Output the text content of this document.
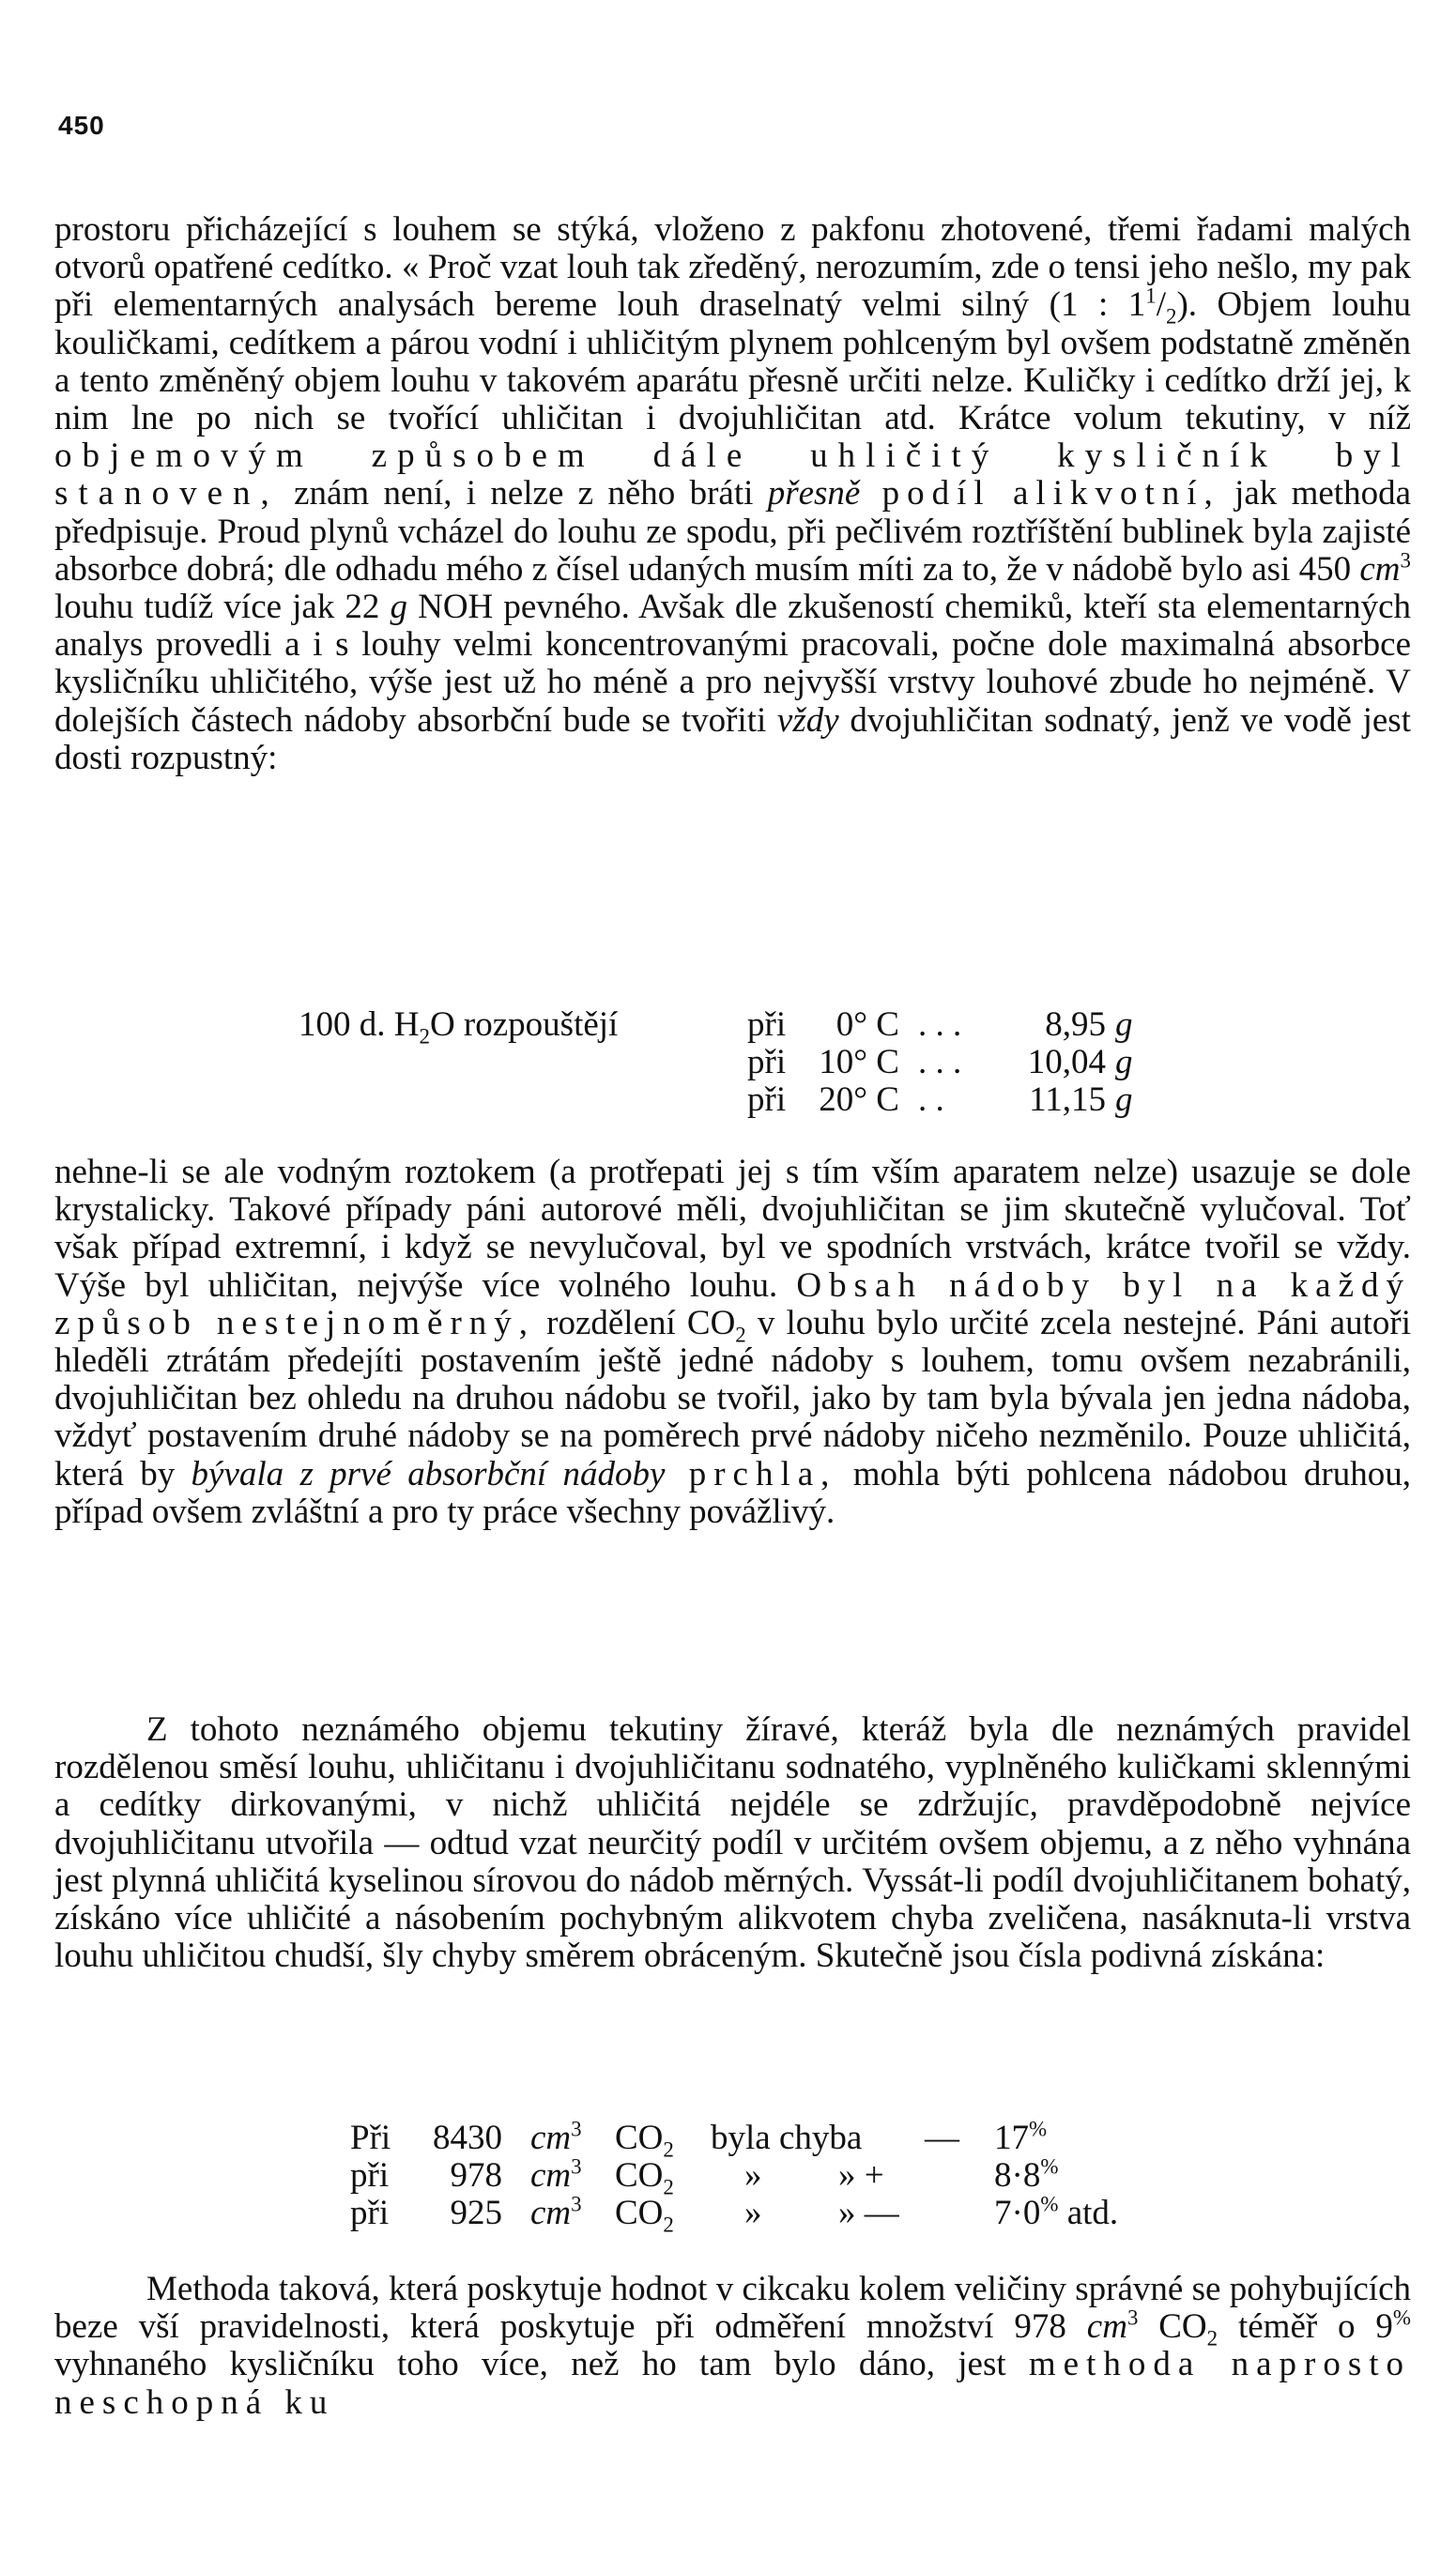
450

prostoru přicházející s louhem se stýká, vloženo z pakfonu zhotovené, třemi řadami malých otvorů opatřené cedítko. « Proč vzat louh tak zředěný, nerozumím, zde o tensi jeho nešlo, my pak při elementarných analysách bereme louh draselnatý velmi silný (1 : $1^1/_2$). Objem louhu kouličkami, cedítkem a párou vodní i uhličitým plynem pohlceným byl ovšem podstatně změněn a tento změněný objem louhu v takovém aparátu přesně určiti nelze. Kuličky i cedítko drží jej, k nim lne po nich se tvořící uhličitan i dvojuhličitan atd. Krátce volum tekutiny, v níž objemovým způsobem dále uhličitý kysličník byl stanoven, znám není, i nelze z něho bráti přesně podíl alikvotní, jak methoda předpisuje. Proud plynů vcházel do louhu ze spodu, při pečlivém roztříštění bublinek byla zajisté absorbce dobrá; dle odhadu mého z čísel udaných musím míti za to, že v nádobě bylo asi 450 $cm^3$ louhu tudíž více jak 22 g NOH pevného. Avšak dle zkušeností chemiků, kteří sta elementarných analys provedli a i s louhy velmi koncentrovanými pracovali, počne dole maximalná absorbce kysličníku uhličitého, výše jest už ho méně a pro nejvyšší vrstvy louhové zbude ho nejméně. V dolejších částech nádoby absorbční bude se tvořiti vždy dvojuhličitan sodnatý, jenž ve vodě jest dosti rozpustný:

100 d. $H_2O$ rozpouštějí	při	0° C . . .	8,95 g
při 10° C . . .	10,04 g
při 20° C . .	11,15 g

nehne-li se ale vodným roztokem (a protřepati jej s tím vším aparatem nelze) usazuje se dole krystalicky. Takové případy páni autorové měli, dvojuhličitan se jim skutečně vylučoval. Toť však případ extremní, i když se nevylučoval, byl ve spodních vrstvách, krátce tvořil se vždy. Výše byl uhličitan, nejvýše více volného louhu. Obsah nádoby byl na každý způsob nestejnoměrný, rozdělení $CO_2$ v louhu bylo určité zcela nestejné. Páni autoři hleděli ztrátám předejíti postavením ještě jedné nádoby s louhem, tomu ovšem nezabránili, dvojuhličitan bez ohledu na druhou nádobu se tvořil, jako by tam byla bývala jen jedna nádoba, vždyť postavením druhé nádoby se na poměrech prvé nádoby ničeho nezměnilo. Pouze uhličitá, která by bývala z prvé absorbční nádoby prchla, mohla býti pohlcena nádobou druhou, případ ovšem zvláštní a pro ty práce všechny povážlivý.

Z tohoto neznámého objemu tekutiny žíravé, kteráž byla dle neznámých pravidel rozdělenou směsí louhu, uhličitanu i dvojuhličitanu sodnatého, vyplněného kuličkami sklennými a cedítky dirkovanými, v nichž uhličitá nejdéle se zdržujíc, pravděpodobně nejvíce dvojuhličitanu utvořila — odtud vzat neurčitý podíl v určitém ovšem objemu, a z něho vyhnána jest plynná uhličitá kyselinou sírovou do nádob měrných. Vyssát-li podíl dvojuhličitanem bohatý, získáno více uhličité a násobením pochybným alikvotem chyba zveličena, nasáknuta-li vrstva louhu uhličitou chudší, šly chyby směrem obráceným. Skutečně jsou čísla podivná získána:

Při	8430 $cm^3$ $CO_2$ byla chyba — 17%
při	978 $cm^3$ $CO_2$ » » +	8·8%
při	925 $cm^3$ $CO_2$ » » —	7·0% atd.

Methoda taková, která poskytuje hodnot v cikcaku kolem veličiny správné se pohybujících beze vší pravidelnosti, která poskytuje při odměření množství 978 $cm^3$ $CO_2$ téměř o 9% vyhnaného kysličníku toho více, než ho tam bylo dáno, jest methoda naprosto neschopná ku
